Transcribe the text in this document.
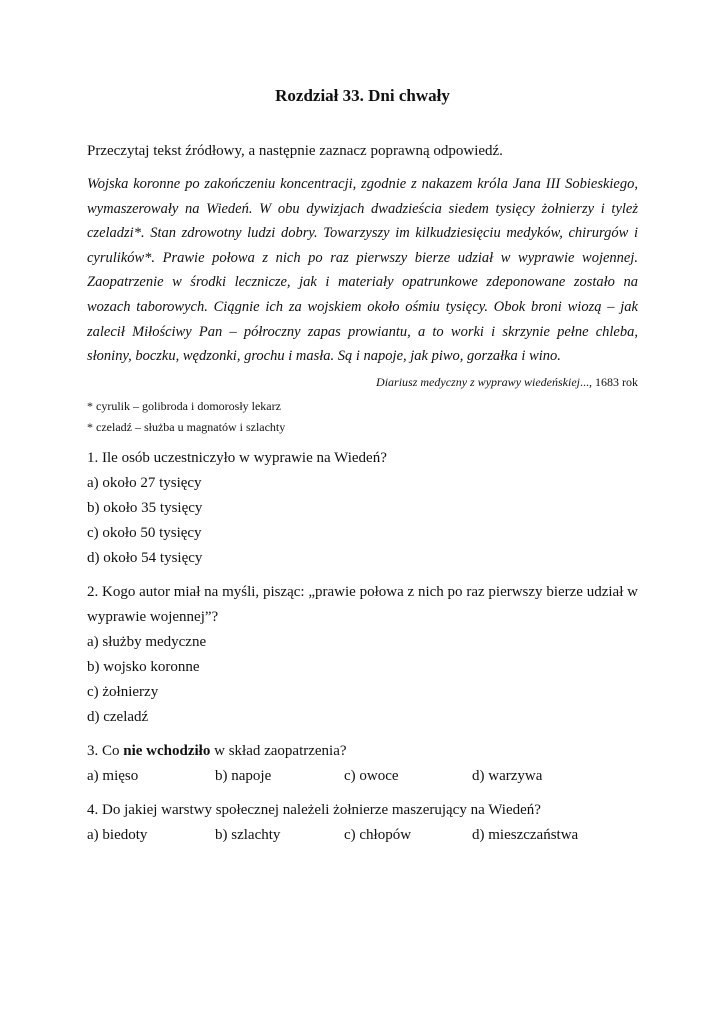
Rozdział 33. Dni chwały
Przeczytaj tekst źródłowy, a następnie zaznacz poprawną odpowiedź.
Wojska koronne po zakończeniu koncentracji, zgodnie z nakazem króla Jana III Sobieskiego,
wymaszerowały na Wiedeń. W obu dywizjach dwadzieścia siedem tysięcy żołnierzy i tyleż
czeladzi*. Stan zdrowotny ludzi dobry. Towarzyszy im kilkudziesięciu medyków, chirurgów i
cyrulików*. Prawie połowa z nich po raz pierwszy bierze udział w wyprawie wojennej.
Zaopatrzenie w środki lecznicze, jak i materiały opatrunkowe zdeponowane zostało na
wozach taborowych. Ciągnie ich za wojskiem około ośmiu tysięcy. Obok broni wiozą – jak
zalecił Miłościwy Pan – półroczny zapas prowiantu, a to worki i skrzynie pełne chleba,
słoniny, boczku, wędzonki, grochu i masła. Są i napoje, jak piwo, gorzałka i wino.
Diariusz medyczny z wyprawy wiedeńskiej..., 1683 rok
* cyrulik – golibroda i domorosły lekarz
* czeladź – służba u magnatów i szlachty
1. Ile osób uczestniczyło w wyprawie na Wiedeń?
a) około 27 tysięcy
b) około 35 tysięcy
c) około 50 tysięcy
d) około 54 tysięcy
2. Kogo autor miał na myśli, pisząc: „prawie połowa z nich po raz pierwszy bierze udział w
wyprawie wojennej”?
a) służby medyczne
b) wojsko koronne
c) żołnierzy
d) czeladź
3. Co nie wchodziło w skład zaopatrzenia?
a) mięso	b) napoje	c) owoce	d) warzywa
4. Do jakiej warstwy społecznej należeli żołnierze maszerujący na Wiedeń?
a) biedoty	b) szlachty	c) chłopów	d) mieszczaństwa
